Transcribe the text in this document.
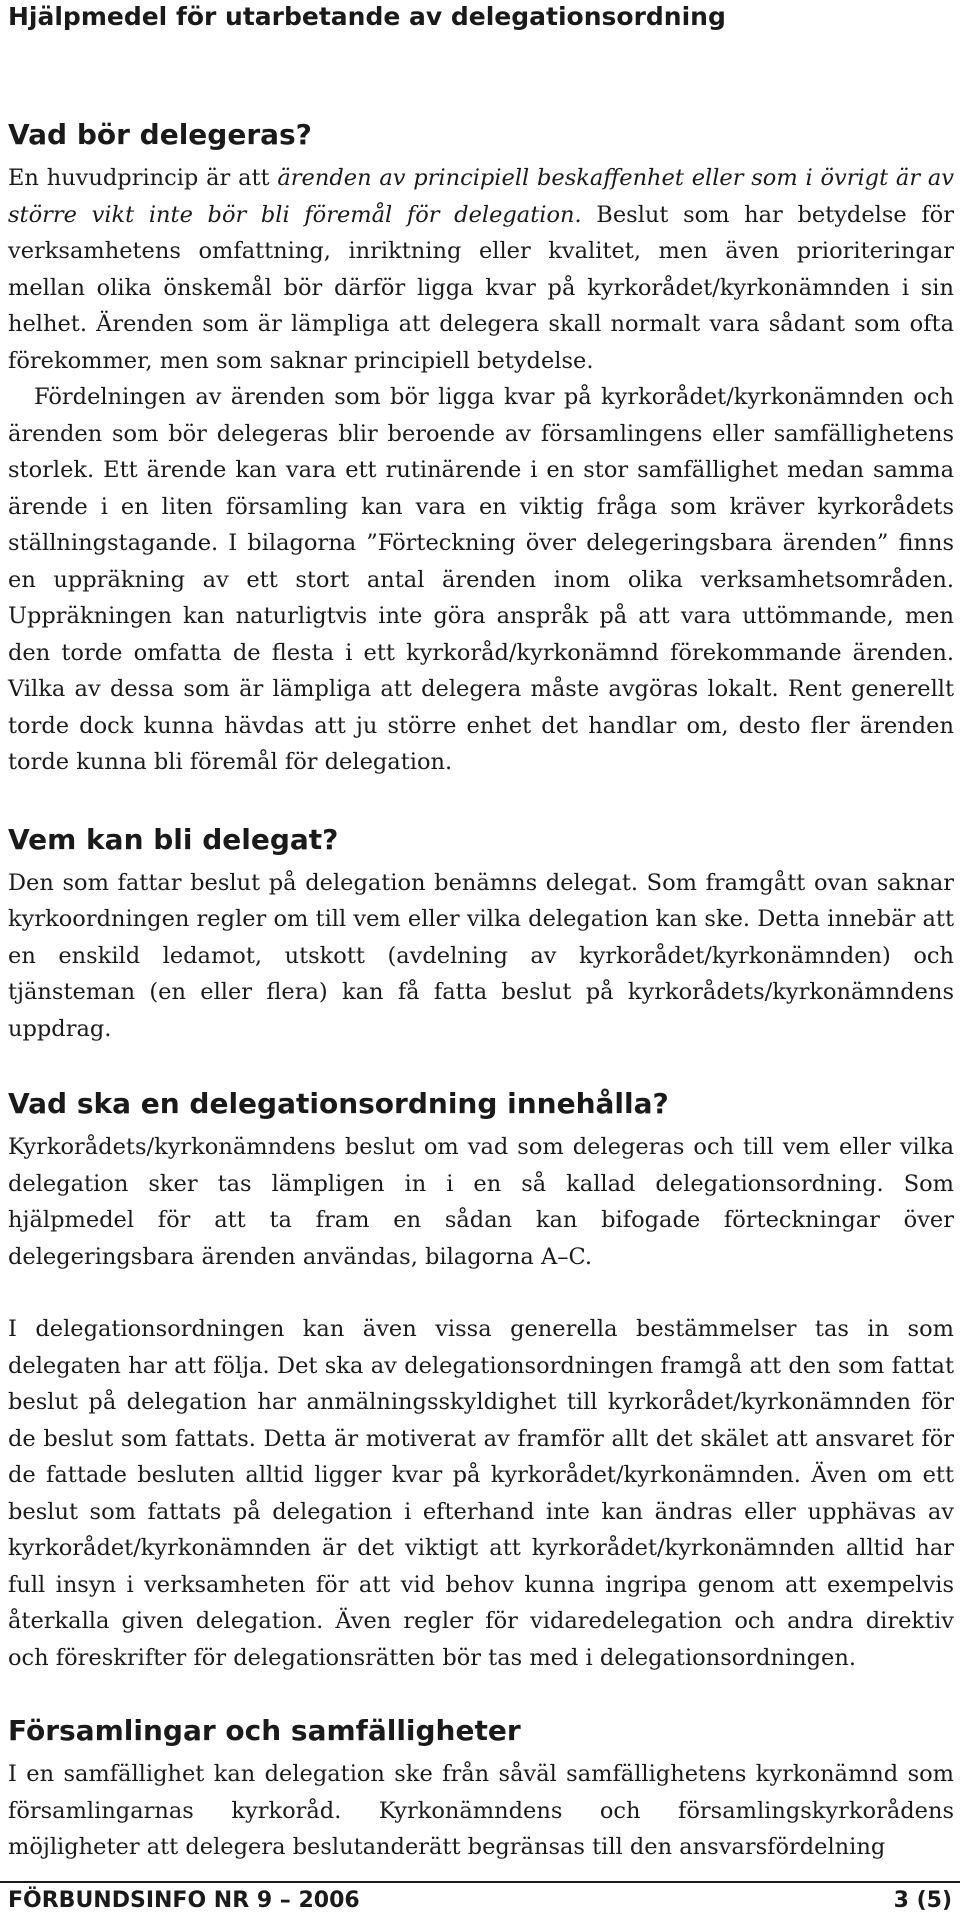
Hjälpmedel för utarbetande av delegationsordning
Vad bör delegeras?

En huvudprincip är att ärenden av principiell beskaffenhet eller som i övrigt är av större vikt inte bör bli föremål för delegation. Beslut som har betydelse för verksamhetens omfattning, inriktning eller kvalitet, men även prioriteringar mellan olika önskemål bör därför ligga kvar på kyrkorådet/kyrkonämnden i sin helhet. Ärenden som är lämpliga att delegera skall normalt vara sådant som ofta förekommer, men som saknar principiell betydelse.

Fördelningen av ärenden som bör ligga kvar på kyrkorådet/kyrkonämnden och ärenden som bör delegeras blir beroende av församlingens eller samfällighetens storlek. Ett ärende kan vara ett rutinärende i en stor samfällighet medan samma ärende i en liten församling kan vara en viktig fråga som kräver kyrkorådets ställningstagande. I bilagorna ”Förteckning över delegeringsbara ärenden” finns en uppräkning av ett stort antal ärenden inom olika verksamhetsområden. Uppräkningen kan naturligtvis inte göra anspråk på att vara uttömmande, men den torde omfatta de flesta i ett kyrkoråd/kyrkonämnd förekommande ärenden. Vilka av dessa som är lämpliga att delegera måste avgöras lokalt. Rent generellt torde dock kunna hävdas att ju större enhet det handlar om, desto fler ärenden torde kunna bli föremål för delegation.

Vem kan bli delegat?

Den som fattar beslut på delegation benämns delegat. Som framgått ovan saknar kyrkoordningen regler om till vem eller vilka delegation kan ske. Detta innebär att en enskild ledamot, utskott (avdelning av kyrkorådet/kyrkonämnden) och tjänsteman (en eller flera) kan få fatta beslut på kyrkorådets/kyrkonämndens uppdrag.

Vad ska en delegationsordning innehålla?

Kyrkorådets/kyrkonämndens beslut om vad som delegeras och till vem eller vilka delegation sker tas lämpligen in i en så kallad delegationsordning. Som hjälpmedel för att ta fram en sådan kan bifogade förteckningar över delegeringsbara ärenden användas, bilagorna A–C.

I delegationsordningen kan även vissa generella bestämmelser tas in som delegaten har att följa. Det ska av delegationsordningen framgå att den som fattat beslut på delegation har anmälningsskyldighet till kyrkorådet/kyrkonämnden för de beslut som fattats. Detta är motiverat av framför allt det skälet att ansvaret för de fattade besluten alltid ligger kvar på kyrkorådet/kyrkonämnden. Även om ett beslut som fattats på delegation i efterhand inte kan ändras eller upphävas av kyrkorådet/kyrkonämnden är det viktigt att kyrkorådet/kyrkonämnden alltid har full insyn i verksamheten för att vid behov kunna ingripa genom att exempelvis återkalla given delegation. Även regler för vidaredelegation och andra direktiv och föreskrifter för delegationsrätten bör tas med i delegationsordningen.

Församlingar och samfälligheter

I en samfällighet kan delegation ske från såväl samfällighetens kyrkonämnd som församlingarnas kyrkoråd. Kyrkonämndens och församlingskyrkorådens möjligheter att delegera beslutanderätt begränsas till den ansvarsfördelning

FÖRBUNDSINFO NR 9 – 2006	3 (5)
